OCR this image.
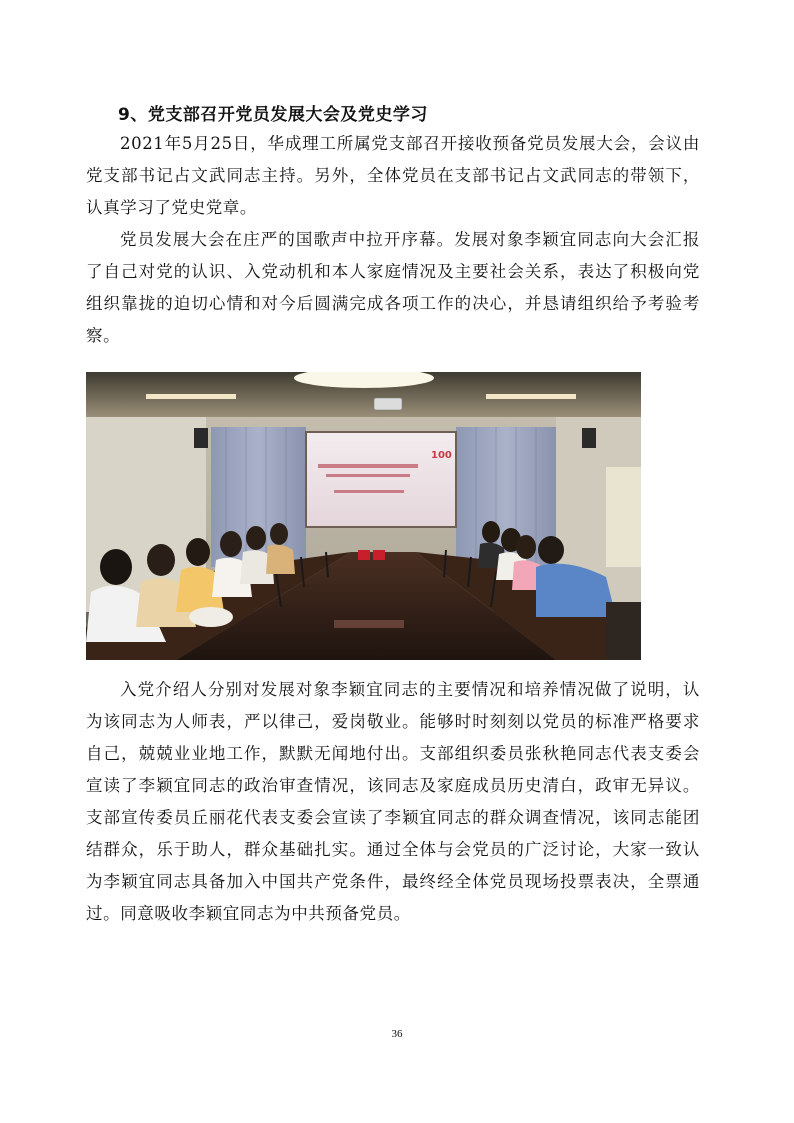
9、党支部召开党员发展大会及党史学习

2021年5月25日，华成理工所属党支部召开接收预备党员发展大会，会议由党支部书记占文武同志主持。另外，全体党员在支部书记占文武同志的带领下，认真学习了党史党章。

党员发展大会在庄严的国歌声中拉开序幕。发展对象李颖宜同志向大会汇报了自己对党的认识、入党动机和本人家庭情况及主要社会关系，表达了积极向党组织靠拢的迫切心情和对今后圆满完成各项工作的决心，并恳请组织给予考验考察。

100

入党介绍人分别对发展对象李颖宜同志的主要情况和培养情况做了说明，认为该同志为人师表，严以律己，爱岗敬业。能够时时刻刻以党员的标准严格要求自己，兢兢业业地工作，默默无闻地付出。支部组织委员张秋艳同志代表支委会宣读了李颖宜同志的政治审查情况，该同志及家庭成员历史清白，政审无异议。支部宣传委员丘丽花代表支委会宣读了李颖宜同志的群众调查情况，该同志能团结群众，乐于助人，群众基础扎实。通过全体与会党员的广泛讨论，大家一致认为李颖宜同志具备加入中国共产党条件，最终经全体党员现场投票表决，全票通过。同意吸收李颖宜同志为中共预备党员。

36
